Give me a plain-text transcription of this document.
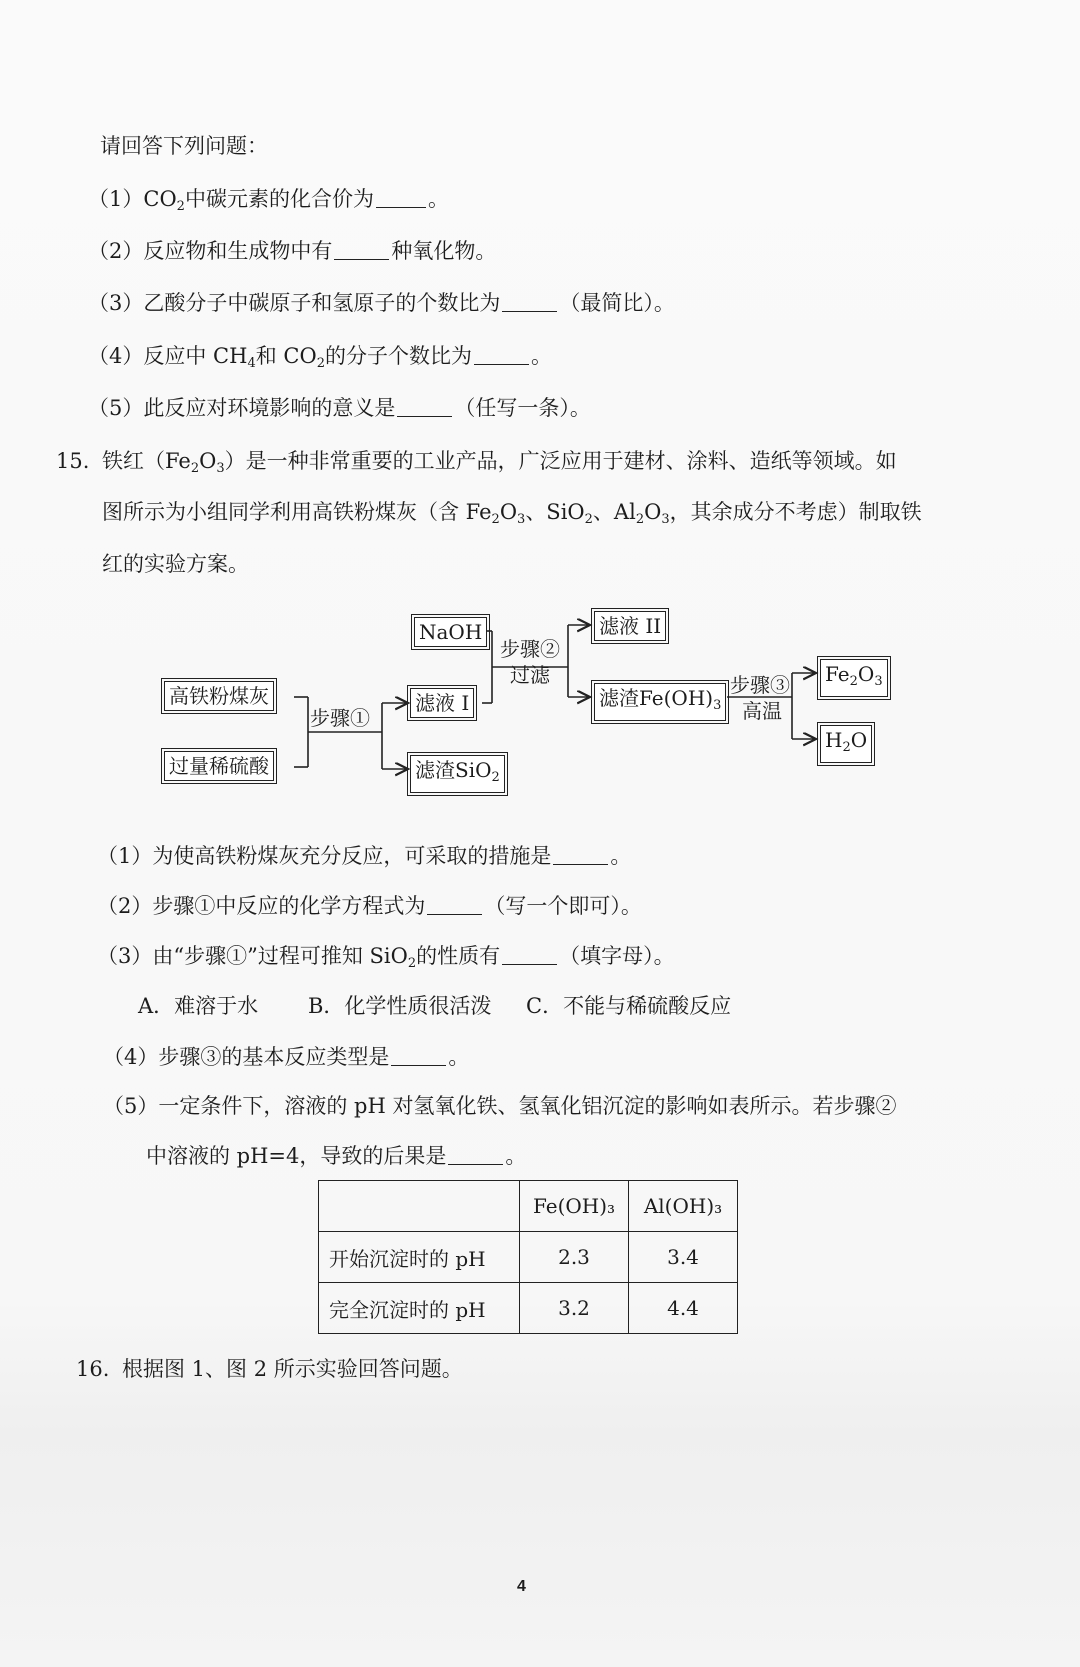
请回答下列问题：
$(1)CO_2$中碳元素的化合价为	。
（2）反应物和生成物中有	种氧化物。
（3）乙酸分子中碳原子和氢原子的个数比为	（最简比）。
（4）反应中 $CH_4$和 $CO_2$的分子个数比为	。
（5）此反应对环境影响的意义是	（任写一条）。
15. 铁红$(Fe_2O_3)$是一种非常重要的工业产品，广泛应用于建材、涂料、造纸等领域。如
图所示为小组同学利用高铁粉煤灰（含 $Fe_2O_3$、SiO$_2$、$Al_2O_3$，其余成分不考虑）制取铁
红的实验方案。
高铁粉煤灰
过量稀硫酸
步骤①
滤液 I
滤渣SiO$_2$
NaOH
步骤②
过滤
滤液 II
滤渣$Fe(OH)_3$
步骤③
高温
$Fe_2O_3$
$H_2O$
（1）为使高铁粉煤灰充分反应，可采取的措施是	。
（2）步骤①中反应的化学方程式为	（写一个即可）。
（3）由“步骤①”过程可推知 SiO$_2$的性质有	（填字母）。
A．难溶于水 B．化学性质很活泼 C．不能与稀硫酸反应
（4）步骤③的基本反应类型是	。
（5）一定条件下，溶液的 pH 对氢氧化铁、氢氧化铝沉淀的影响如表所示。若步骤②
中溶液的 pH=4，导致的后果是	。
	Fe(OH)₃	Al(OH)₃
开始沉淀时的 pH	2.3	3.4
完全沉淀时的 pH	3.2	4.4
16. 根据图 1、图 2 所示实验回答问题。
4
